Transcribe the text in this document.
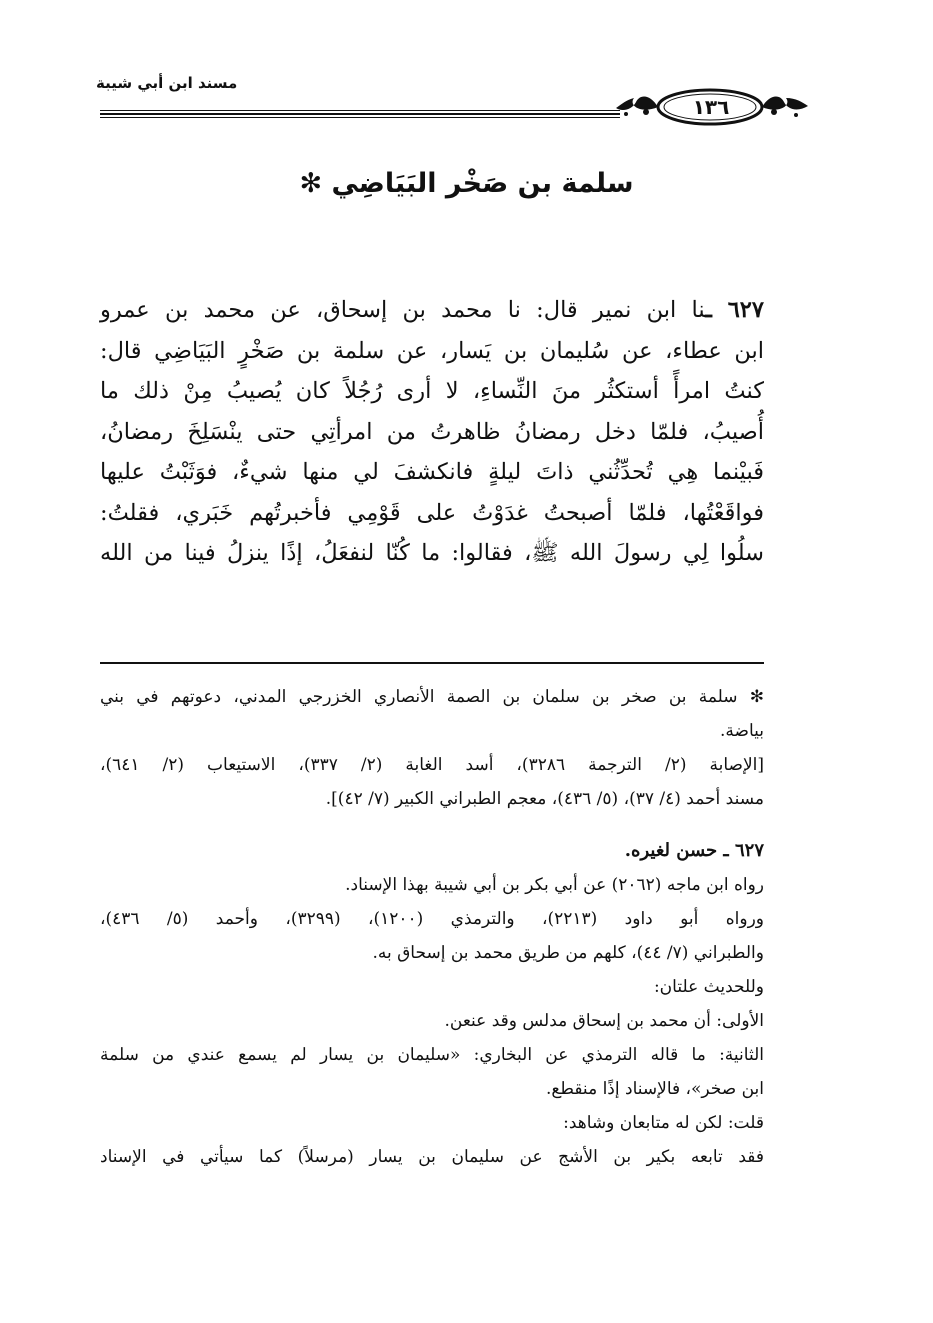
مسند ابن أبي شيبة
١٣٦
سلمة بن صَخْر البَيَاضِي ✻
٦٢٧ ـنا ابن نمير قال: نا محمد بن إسحاق، عن محمد بن عمرو
ابن عطاء، عن سُليمان بن يَسار، عن سلمة بن صَخْرٍ البَيَاضِي قال:
كنتُ امرأً أستكثُر منَ النِّساءِ، لا أرى رُجُلاً كان يُصيبُ مِنْ ذلك ما
أُصيبُ، فلمّا دخل رمضانُ ظاهرتُ من امرأتِي حتى ينْسَلِخَ رمضانُ،
فَبيْنما هِي تُحدِّثُني ذاتَ ليلةٍ فانكشفَ لي منها شيءٌ، فوَثَبْتُ عليها
فواقَعْتُها، فلمّا أصبحتُ غدَوْتُ على قَوْمِي فأخبرتُهم خَبَري، فقلتُ:
سلُوا لِي رسولَ الله ﷺ، فقالوا: ما كُنّا لنفعَلُ، إذًا ينزلُ فينا من الله
✻ سلمة بن صخر بن سلمان بن الصمة الأنصاري الخزرجي المدني، دعوتهم في بني
بياضة.
[الإصابة (٢/ الترجمة ٣٢٨٦)، أسد الغابة (٢/ ٣٣٧)، الاستيعاب (٢/ ٦٤١)،
مسند أحمد (٤/ ٣٧)، (٥/ ٤٣٦)، معجم الطبراني الكبير (٧/ ٤٢)].
٦٢٧ ـ حسن لغيره.
رواه ابن ماجه (٢٠٦٢) عن أبي بكر بن أبي شيبة بهذا الإسناد.
ورواه أبو داود (٢٢١٣)، والترمذي (١٢٠٠)، (٣٢٩٩)، وأحمد (٥/ ٤٣٦)،
والطبراني (٧/ ٤٤)، كلهم من طريق محمد بن إسحاق به.
وللحديث علتان:
الأولى: أن محمد بن إسحاق مدلس وقد عنعن.
الثانية: ما قاله الترمذي عن البخاري: «سليمان بن يسار لم يسمع عندي من سلمة
ابن صخر»، فالإسناد إذًا منقطع.
قلت: لكن له متابعان وشاهد:
فقد تابعه بكير بن الأشج عن سليمان بن يسار (مرسلاً) كما سيأتي في الإسناد
